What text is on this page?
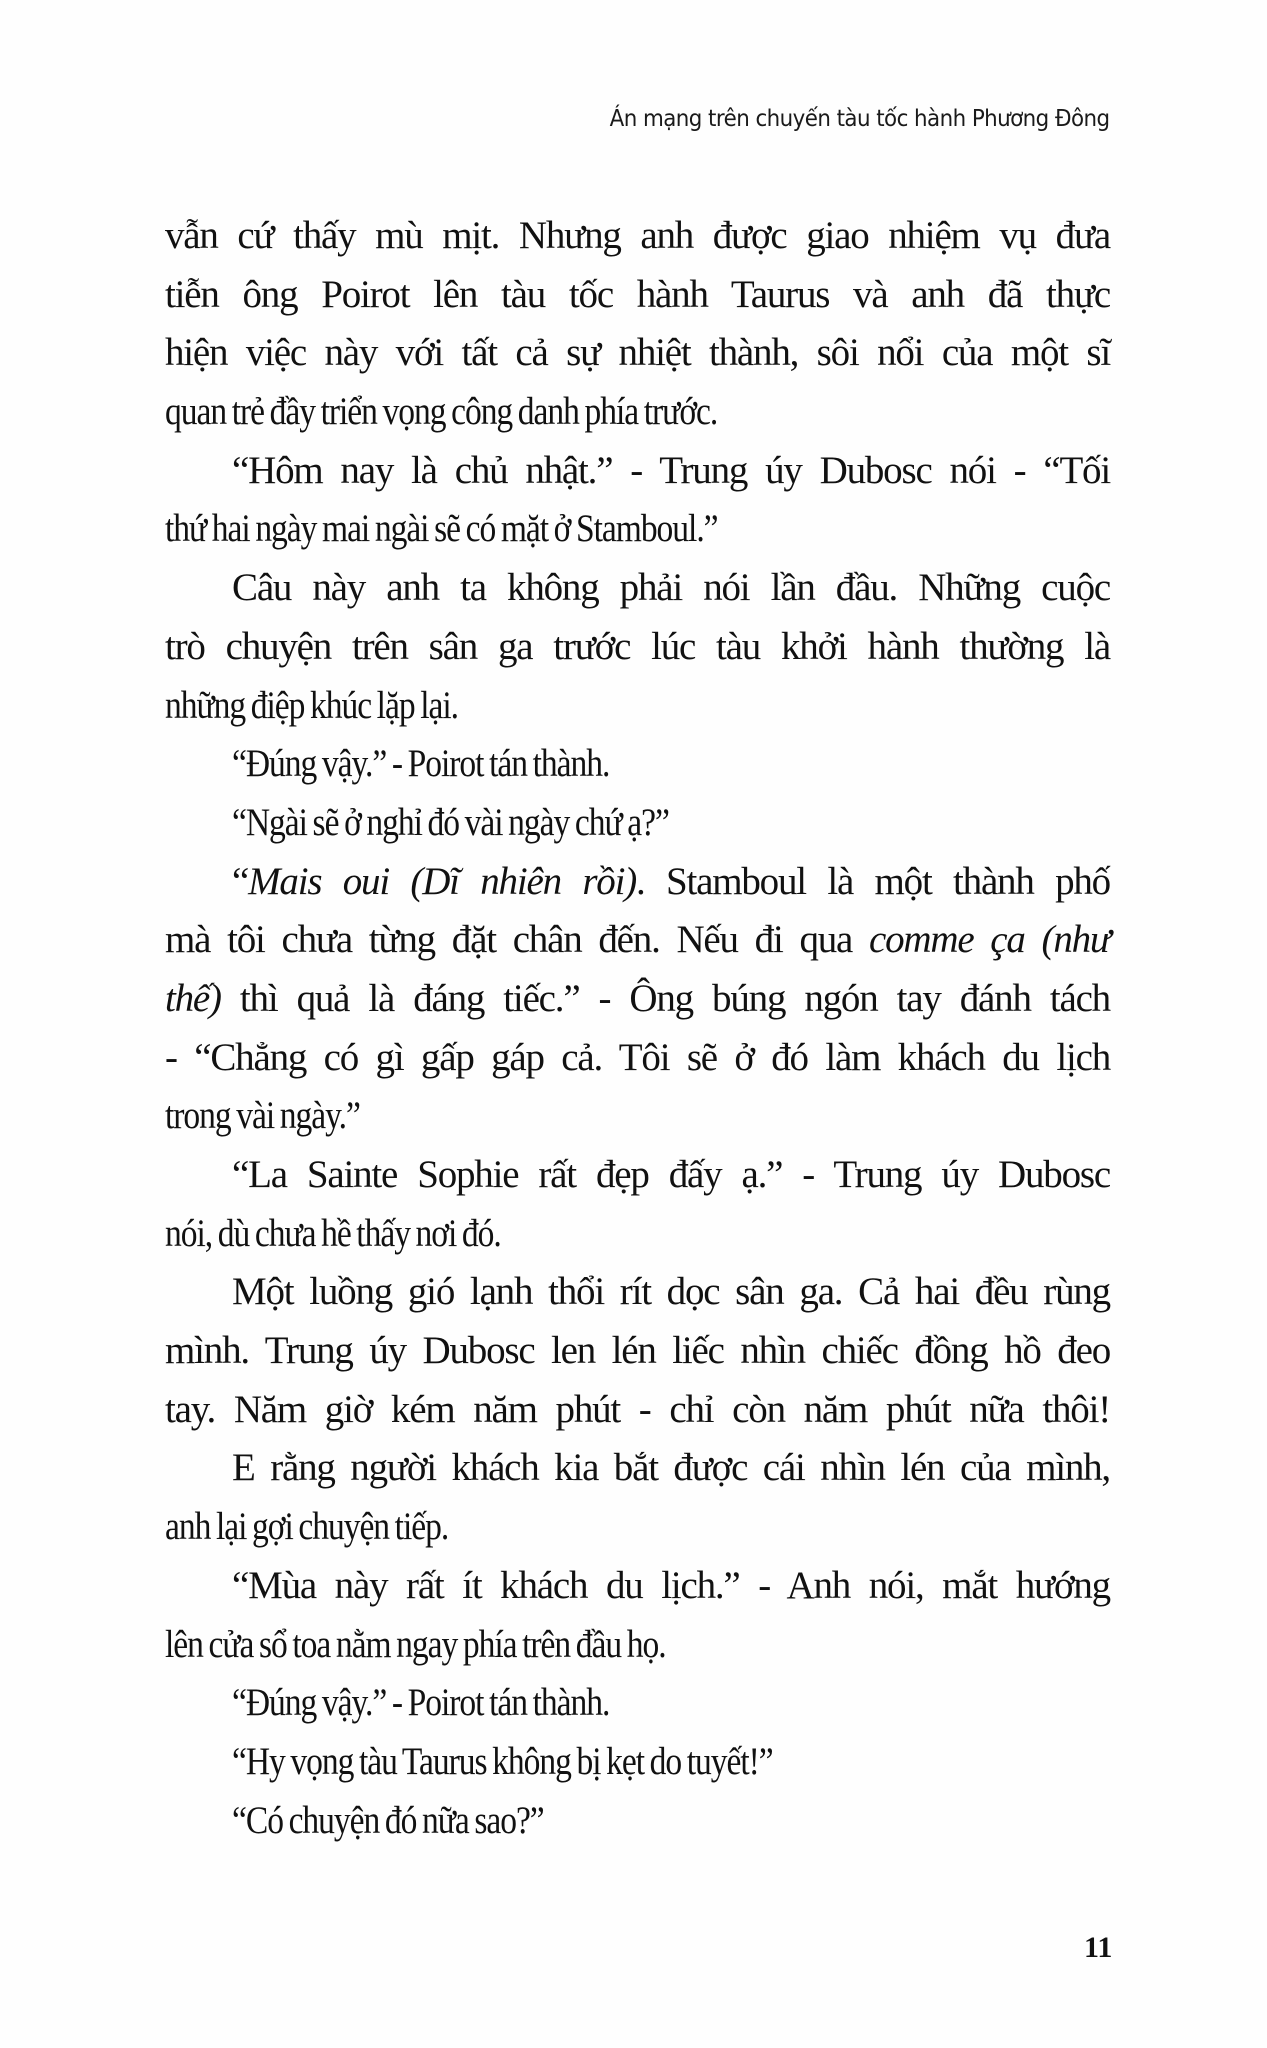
Án mạng trên chuyến tàu tốc hành Phương Đông
vẫn cứ thấy mù mịt. Nhưng anh được giao nhiệm vụ đưa
tiễn ông Poirot lên tàu tốc hành Taurus và anh đã thực
hiện việc này với tất cả sự nhiệt thành, sôi nổi của một sĩ
quan trẻ đầy triển vọng công danh phía trước.
“Hôm nay là chủ nhật.” - Trung úy Dubosc nói - “Tối
thứ hai ngày mai ngài sẽ có mặt ở Stamboul.”
Câu này anh ta không phải nói lần đầu. Những cuộc
trò chuyện trên sân ga trước lúc tàu khởi hành thường là
những điệp khúc lặp lại.
“Đúng vậy.” - Poirot tán thành.
“Ngài sẽ ở nghỉ đó vài ngày chứ ạ?”
“Mais oui (Dĩ nhiên rồi). Stamboul là một thành phố
mà tôi chưa từng đặt chân đến. Nếu đi qua comme ça (như
thế) thì quả là đáng tiếc.” - Ông búng ngón tay đánh tách
- “Chẳng có gì gấp gáp cả. Tôi sẽ ở đó làm khách du lịch
trong vài ngày.”
“La Sainte Sophie rất đẹp đấy ạ.” - Trung úy Dubosc
nói, dù chưa hề thấy nơi đó.
Một luồng gió lạnh thổi rít dọc sân ga. Cả hai đều rùng
mình. Trung úy Dubosc len lén liếc nhìn chiếc đồng hồ đeo
tay. Năm giờ kém năm phút - chỉ còn năm phút nữa thôi!
E rằng người khách kia bắt được cái nhìn lén của mình,
anh lại gợi chuyện tiếp.
“Mùa này rất ít khách du lịch.” - Anh nói, mắt hướng
lên cửa sổ toa nằm ngay phía trên đầu họ.
“Đúng vậy.” - Poirot tán thành.
“Hy vọng tàu Taurus không bị kẹt do tuyết!”
“Có chuyện đó nữa sao?”
11
